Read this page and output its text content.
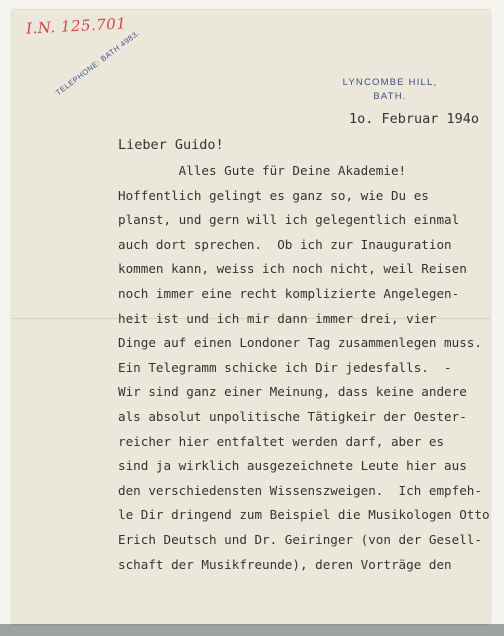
I.N. 125.701
TELEPHONE: BATH 4983.	LYNCOMBE HILL,
BATH.
1o. Februar 194o
Lieber Guido!
Alles Gute für Deine Akademie!
Hoffentlich gelingt es ganz so, wie Du es
planst, und gern will ich gelegentlich einmal
auch dort sprechen.  Ob ich zur Inauguration
kommen kann, weiss ich noch nicht, weil Reisen
noch immer eine recht komplizierte Angelegen-
heit ist und ich mir dann immer drei, vier
Dinge auf einen Londoner Tag zusammenlegen muss.
Ein Telegramm schicke ich Dir jedesfalls.  -
Wir sind ganz einer Meinung, dass keine andere
als absolut unpolitische Tätigkeir der Oester-
reicher hier entfaltet werden darf, aber es
sind ja wirklich ausgezeichnete Leute hier aus
den verschiedensten Wissenszweigen.  Ich empfeh-
le Dir dringend zum Beispiel die Musikologen Otto
Erich Deutsch und Dr. Geiringer (von der Gesell-
schaft der Musikfreunde), deren Vorträge den
